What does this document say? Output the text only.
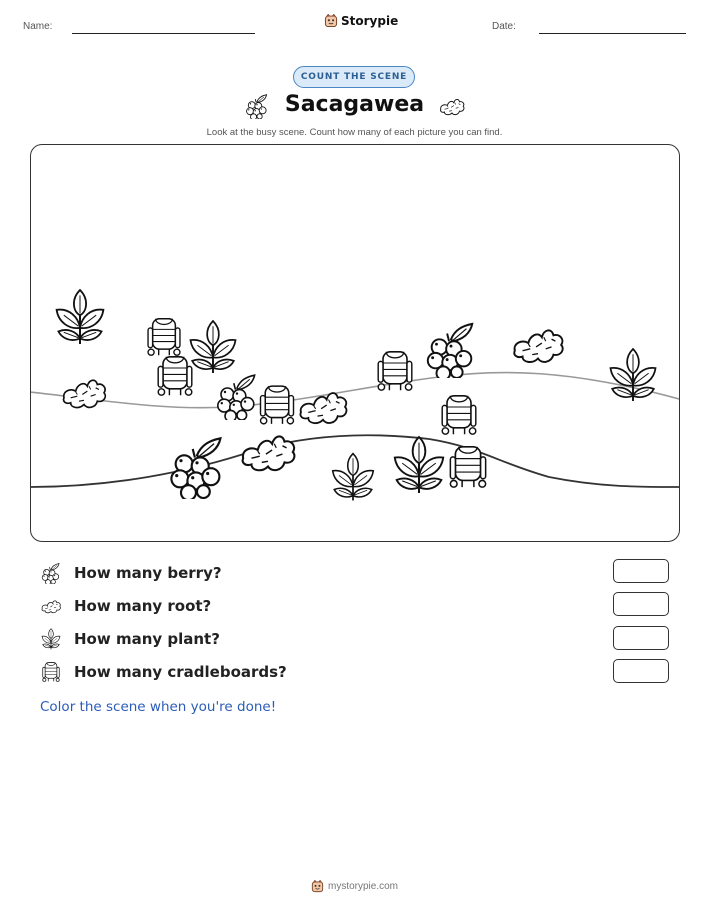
Name:	Storypie	Date:
COUNT THE SCENE
Sacagawea
Look at the busy scene. Count how many of each picture you can find.
How many berry?
How many root?
How many plant?
How many cradleboards?
Color the scene when you're done!
mystorypie.com
